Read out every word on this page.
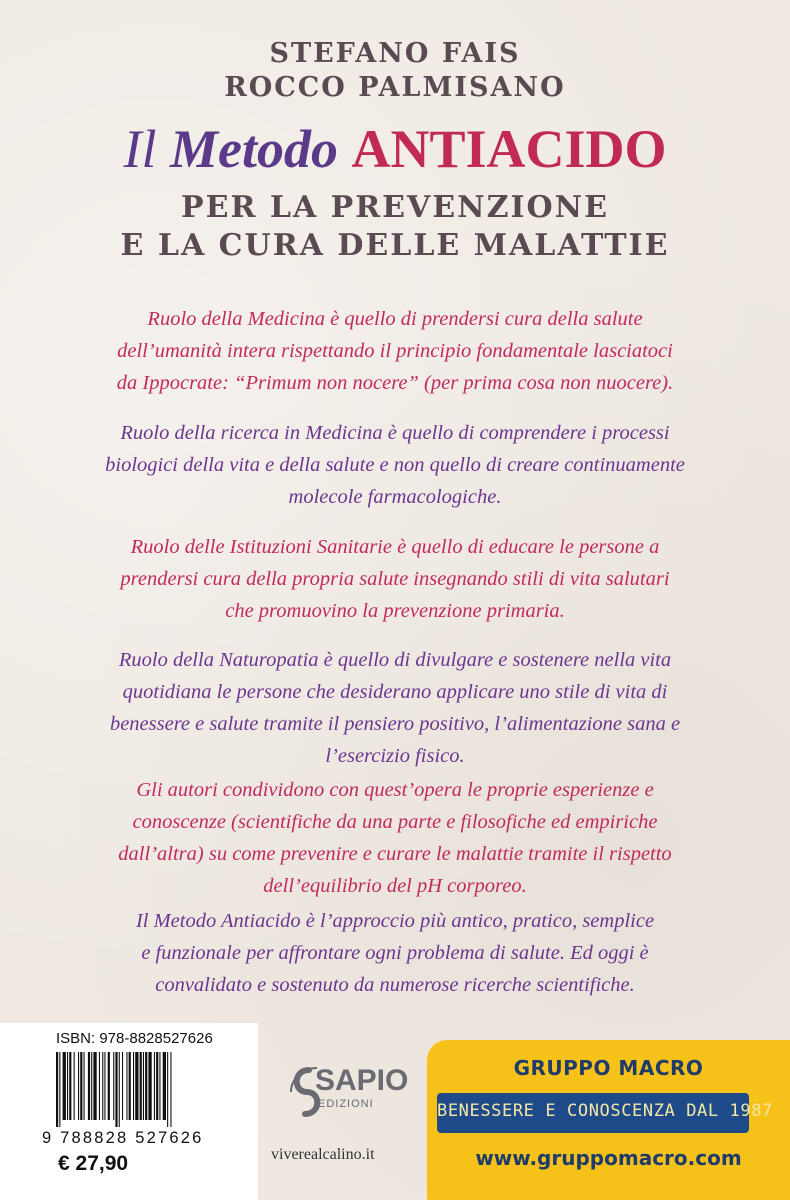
STEFANO FAIS
ROCCO PALMISANO
Il Metodo ANTIACIDO
PER LA PREVENZIONE
E LA CURA DELLE MALATTIE
Ruolo della Medicina è quello di prendersi cura della salute
dell’umanità intera rispettando il principio fondamentale lasciatoci
da Ippocrate: “Primum non nocere” (per prima cosa non nuocere).
Ruolo della ricerca in Medicina è quello di comprendere i processi
biologici della vita e della salute e non quello di creare continuamente
molecole farmacologiche.
Ruolo delle Istituzioni Sanitarie è quello di educare le persone a
prendersi cura della propria salute insegnando stili di vita salutari
che promuovino la prevenzione primaria.
Ruolo della Naturopatia è quello di divulgare e sostenere nella vita
quotidiana le persone che desiderano applicare uno stile di vita di
benessere e salute tramite il pensiero positivo, l’alimentazione sana e
l’esercizio fisico.
Gli autori condividono con quest’opera le proprie esperienze e
conoscenze (scientifiche da una parte e filosofiche ed empiriche
dall’altra) su come prevenire e curare le malattie tramite il rispetto
dell’equilibrio del pH corporeo.
Il Metodo Antiacido è l’approccio più antico, pratico, semplice
e funzionale per affrontare ogni problema di salute. Ed oggi è
convalidato e sostenuto da numerose ricerche scientifiche.
ISBN: 978-8828527626
9 788828 527626
€ 27,90
SAPIO
EDIZIONI
viverealcalino.it
GRUPPO MACRO
BENESSERE E CONOSCENZA DAL 1987
www.gruppomacro.com
